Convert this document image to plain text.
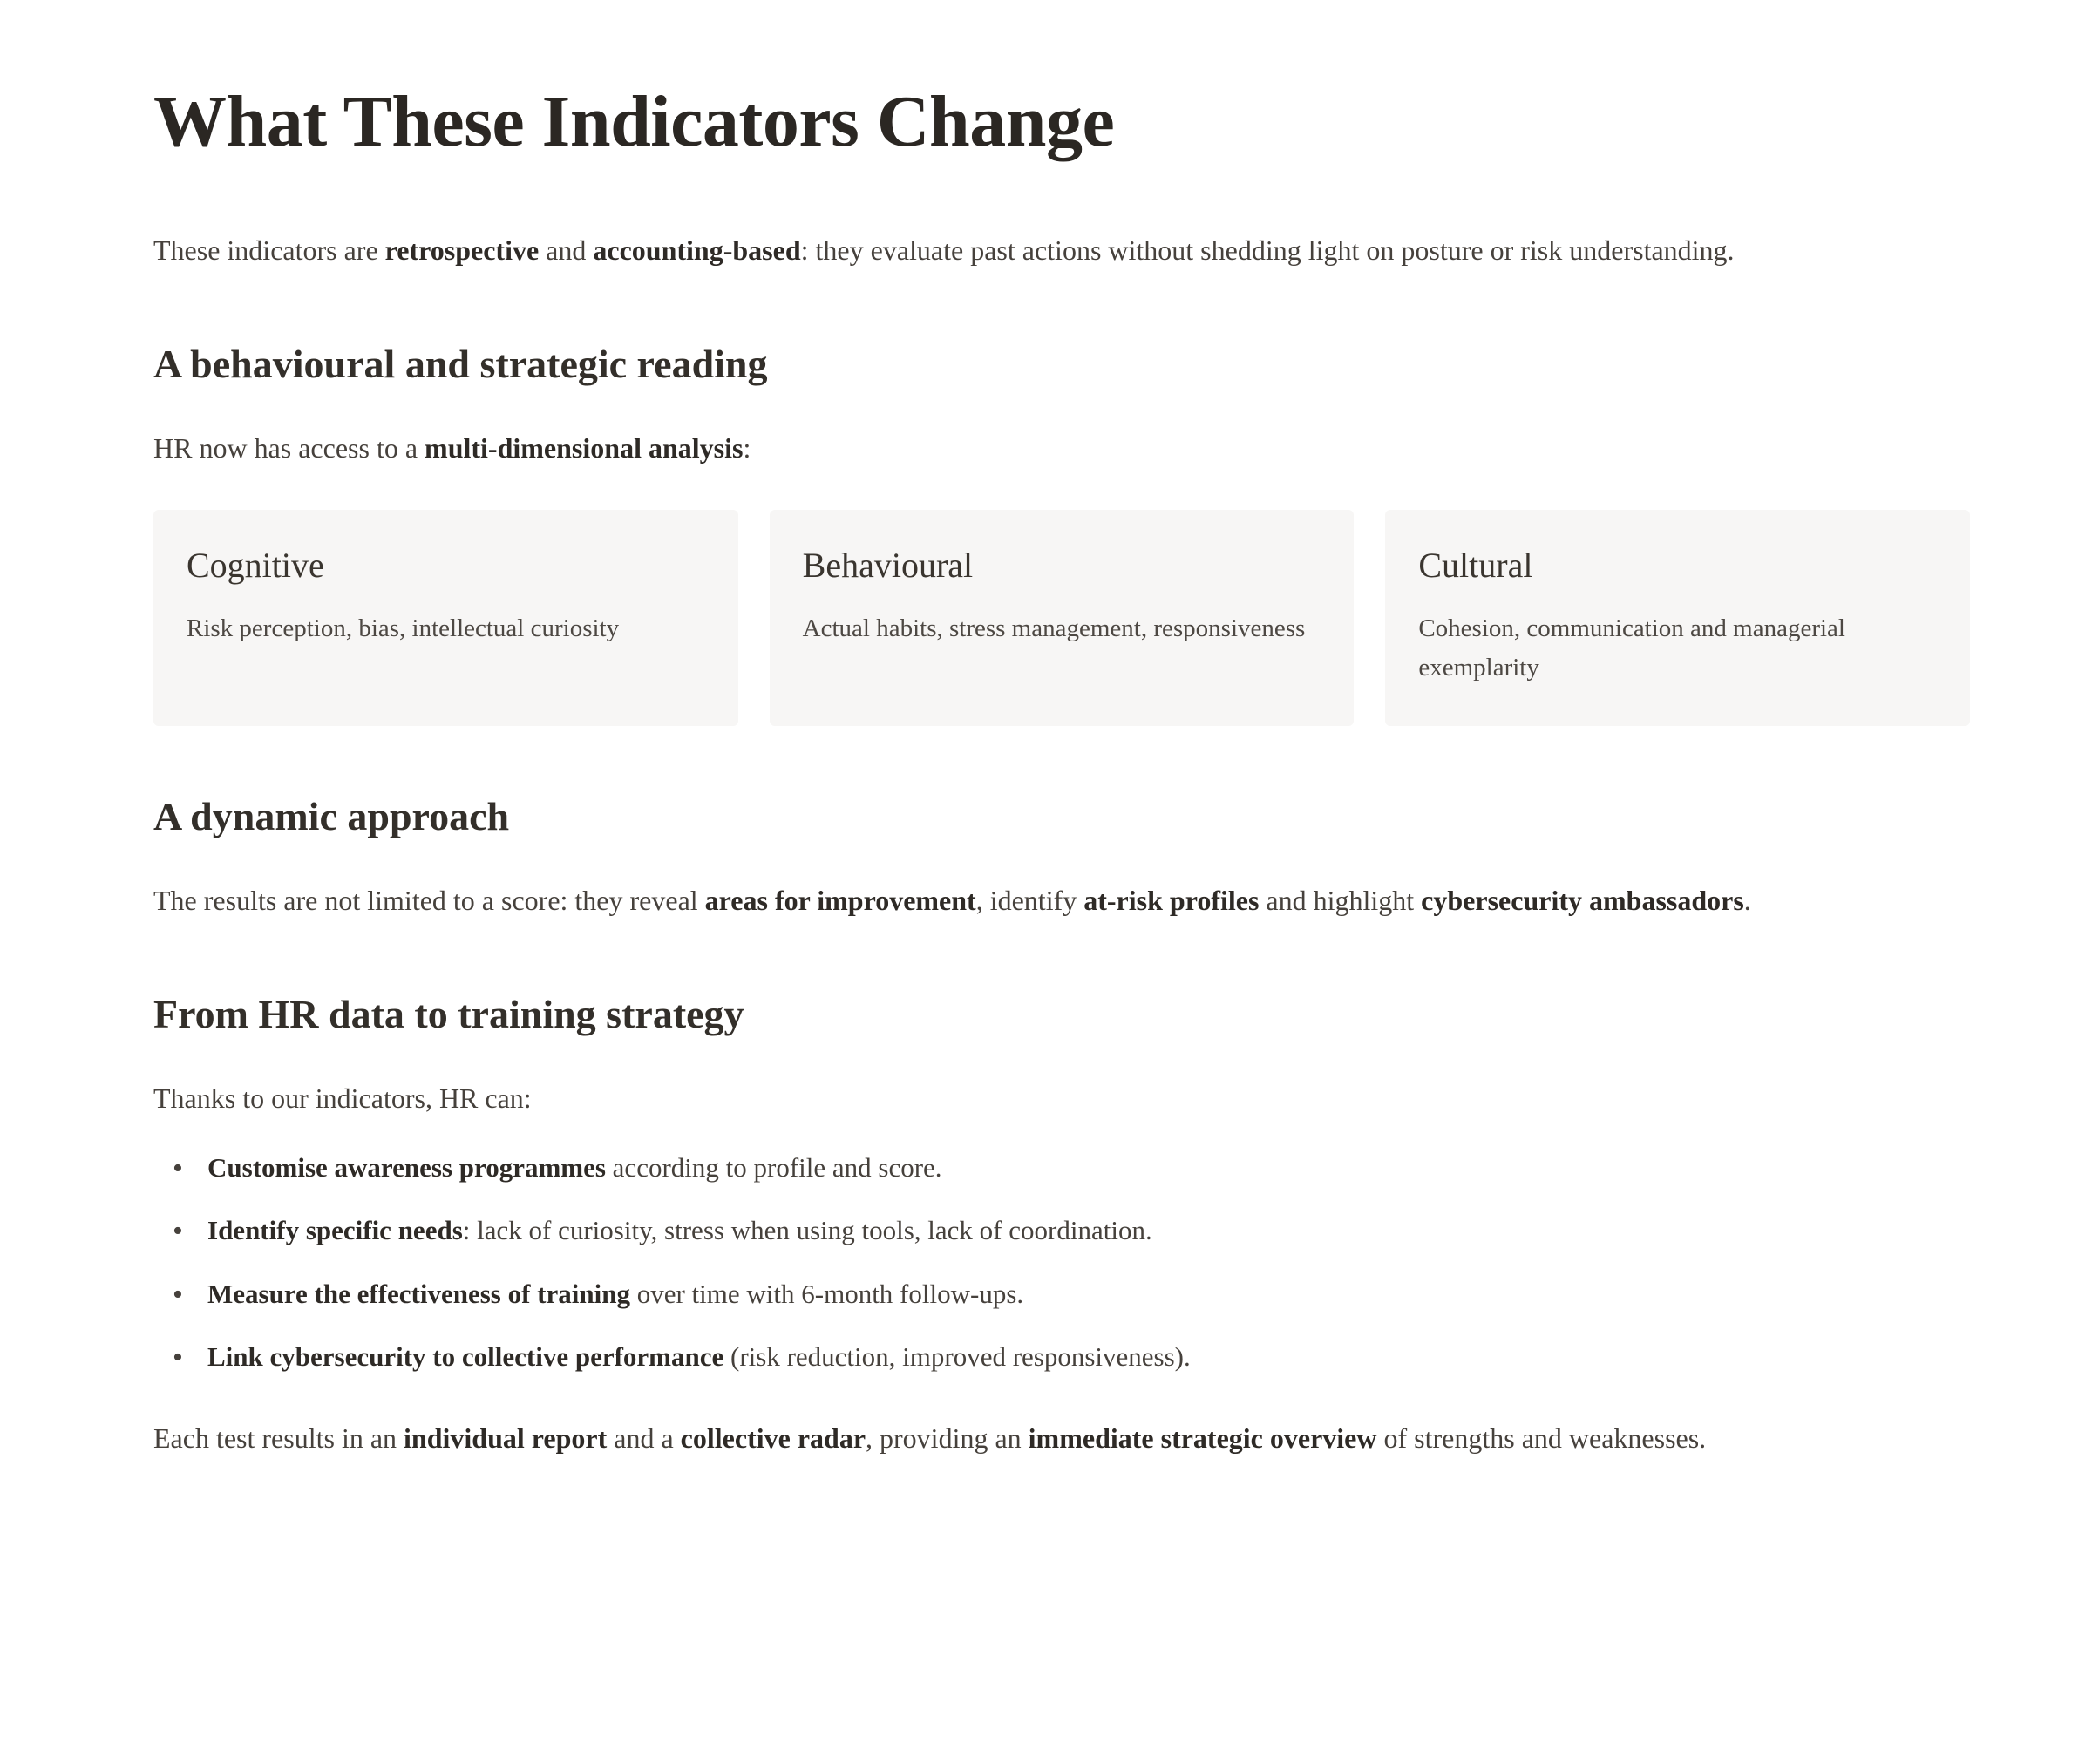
What These Indicators Change

These indicators are retrospective and accounting-based: they evaluate past actions without shedding light on posture or risk understanding.

A behavioural and strategic reading

HR now has access to a multi-dimensional analysis:

Cognitive

Risk perception, bias, intellectual curiosity

Behavioural

Actual habits, stress management, responsiveness

Cultural

Cohesion, communication and managerial exemplarity

A dynamic approach

The results are not limited to a score: they reveal areas for improvement, identify at-risk profiles and highlight cybersecurity ambassadors.

From HR data to training strategy

Thanks to our indicators, HR can:

• Customise awareness programmes according to profile and score.
• Identify specific needs: lack of curiosity, stress when using tools, lack of coordination.
• Measure the effectiveness of training over time with 6-month follow-ups.
• Link cybersecurity to collective performance (risk reduction, improved responsiveness).

Each test results in an individual report and a collective radar, providing an immediate strategic overview of strengths and weaknesses.
